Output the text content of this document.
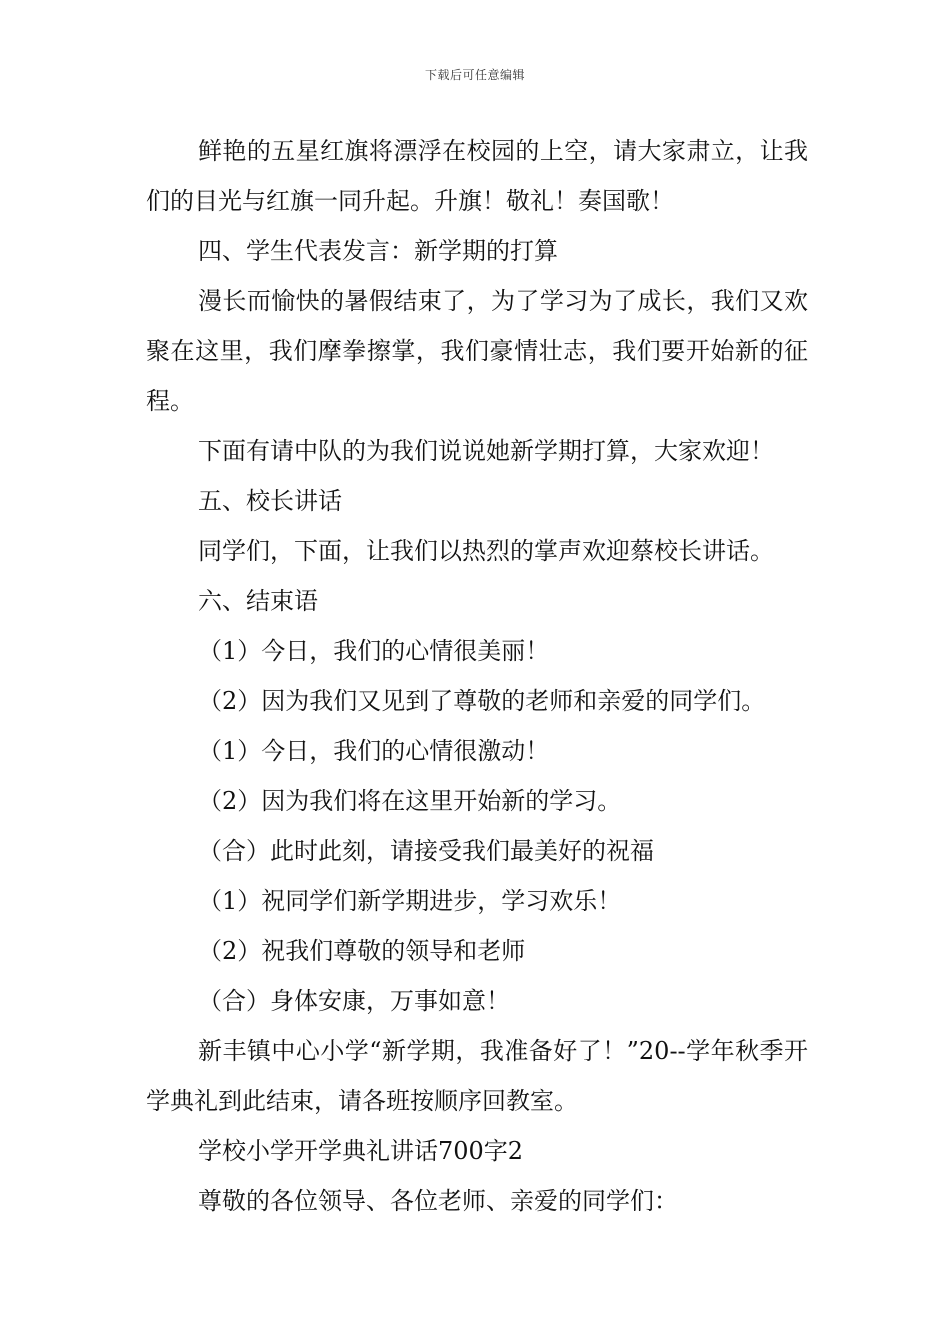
下载后可任意编辑

鲜艳的五星红旗将漂浮在校园的上空，请大家肃立，让我们的目光与红旗一同升起。升旗！敬礼！奏国歌！

四、学生代表发言：新学期的打算

漫长而愉快的暑假结束了，为了学习为了成长，我们又欢聚在这里，我们摩拳擦掌，我们豪情壮志，我们要开始新的征程。

下面有请中队的为我们说说她新学期打算，大家欢迎！

五、校长讲话

同学们，下面，让我们以热烈的掌声欢迎蔡校长讲话。

六、结束语

（1）今日，我们的心情很美丽！

（2）因为我们又见到了尊敬的老师和亲爱的同学们。

（1）今日，我们的心情很激动！

（2）因为我们将在这里开始新的学习。

（合）此时此刻，请接受我们最美好的祝福

（1）祝同学们新学期进步，学习欢乐！

（2）祝我们尊敬的领导和老师

（合）身体安康，万事如意！

新丰镇中心小学“新学期，我准备好了！”20--学年秋季开学典礼到此结束，请各班按顺序回教室。

学校小学开学典礼讲话700字2

尊敬的各位领导、各位老师、亲爱的同学们：
